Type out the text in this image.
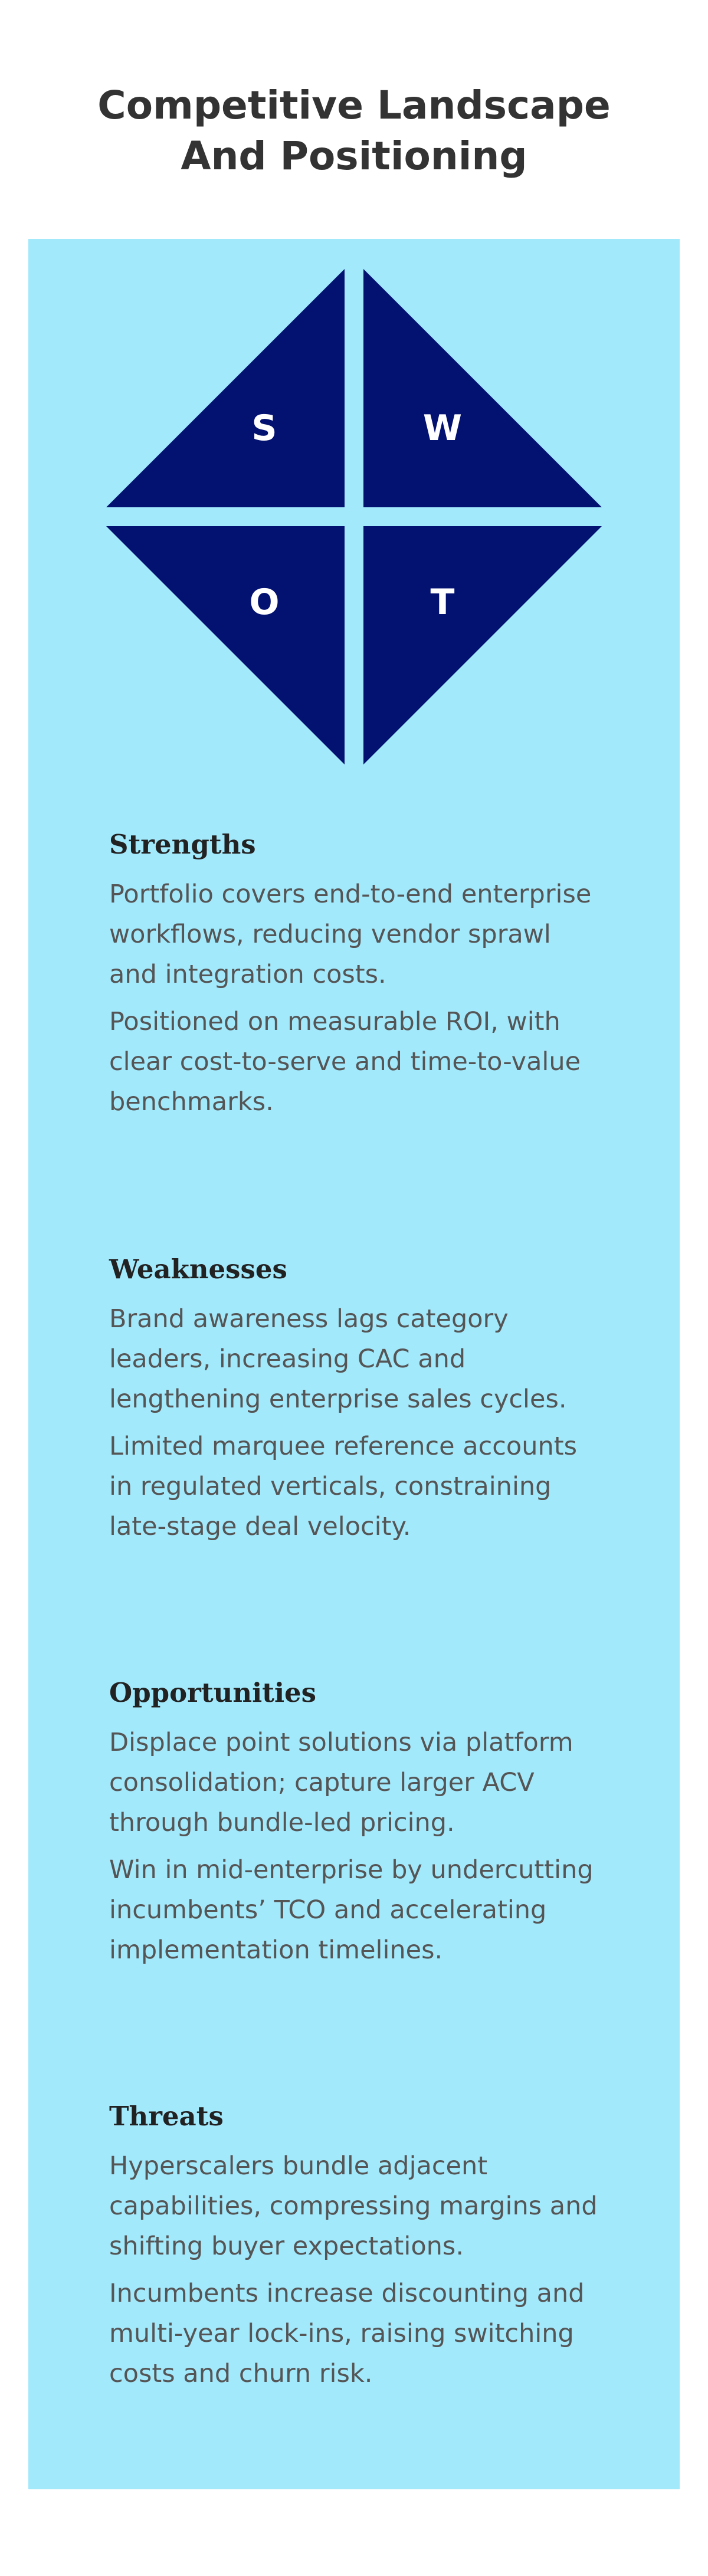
Competitive Landscape And Positioning
S	W
O	T
Strengths

Portfolio covers end-to-end enterprise workflows, reducing vendor sprawl and integration costs.

Positioned on measurable ROI, with clear cost-to-serve and time-to-value benchmarks.

Weaknesses

Brand awareness lags category leaders, increasing CAC and lengthening enterprise sales cycles.

Limited marquee reference accounts in regulated verticals, constraining late-stage deal velocity.

Opportunities

Displace point solutions via platform consolidation; capture larger ACV through bundle-led pricing.

Win in mid-enterprise by undercutting incumbents’ TCO and accelerating implementation timelines.

Threats

Hyperscalers bundle adjacent capabilities, compressing margins and shifting buyer expectations.

Incumbents increase discounting and multi-year lock-ins, raising switching costs and churn risk.
